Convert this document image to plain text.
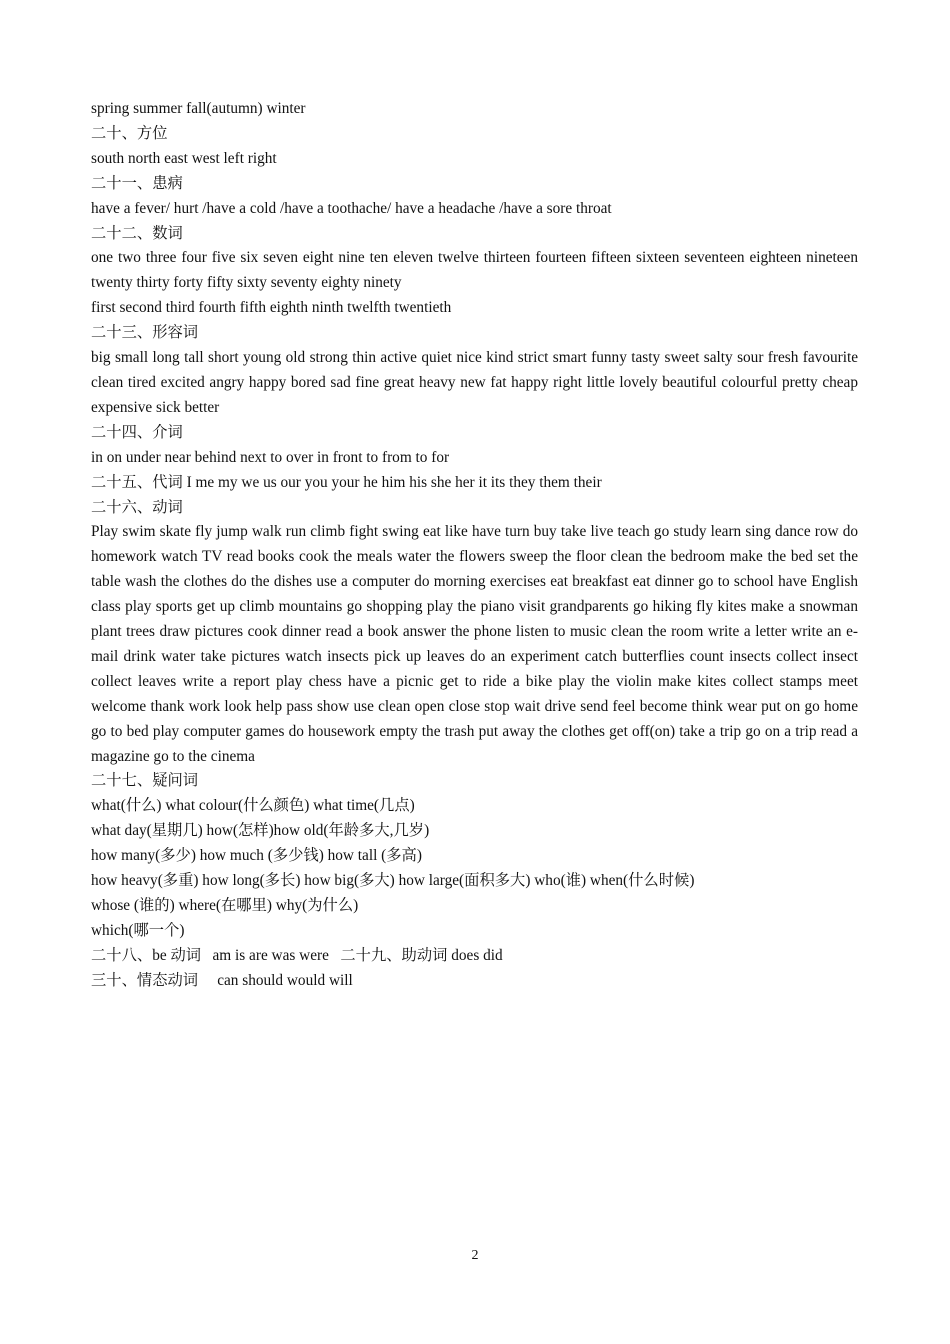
spring summer fall(autumn) winter
二十、方位
south north east west left right
二十一、患病
have a fever/ hurt /have a cold /have a toothache/ have a headache /have a sore throat
二十二、数词
one two three four five six seven eight nine ten eleven twelve thirteen fourteen fifteen sixteen seventeen eighteen nineteen twenty thirty forty fifty sixty seventy eighty ninety
first second third fourth fifth eighth ninth twelfth twentieth
二十三、形容词
big small long tall short young old strong thin active quiet nice kind strict smart funny tasty sweet salty sour fresh favourite clean tired excited angry happy bored sad fine great heavy new fat happy right little lovely beautiful colourful pretty cheap expensive sick better
二十四、介词
in on under near behind next to over in front to from to for
二十五、代词 I me my we us our you your he him his she her it its they them their
二十六、动词
Play swim skate fly jump walk run climb fight swing eat like have turn buy take live teach go study learn sing dance row do homework watch TV read books cook the meals water the flowers sweep the floor clean the bedroom make the bed set the table wash the clothes do the dishes use a computer do morning exercises eat breakfast eat dinner go to school have English class play sports get up climb mountains go shopping play the piano visit grandparents go hiking fly kites make a snowman plant trees draw pictures cook dinner read a book answer the phone listen to music clean the room write a letter write an e-mail drink water take pictures watch insects pick up leaves do an experiment catch butterflies count insects collect insect collect leaves write a report play chess have a picnic get to ride a bike play the violin make kites collect stamps meet welcome thank work look help pass show use clean open close stop wait drive send feel become think wear put on go home go to bed play computer games do housework empty the trash put away the clothes get off(on) take a trip go on a trip read a magazine go to the cinema
二十七、疑问词
what(什么) what colour(什么颜色) what time(几点)
what day(星期几) how(怎样)how old(年龄多大,几岁)
how many(多少) how much (多少钱) how tall (多高)
how heavy(多重) how long(多长) how big(多大) how large(面积多大) who(谁) when(什么时候)
whose (谁的) where(在哪里) why(为什么)
which(哪一个)
二十八、be 动词   am is are was were   二十九、助动词 does did
三十、情态动词     can should would will
2
